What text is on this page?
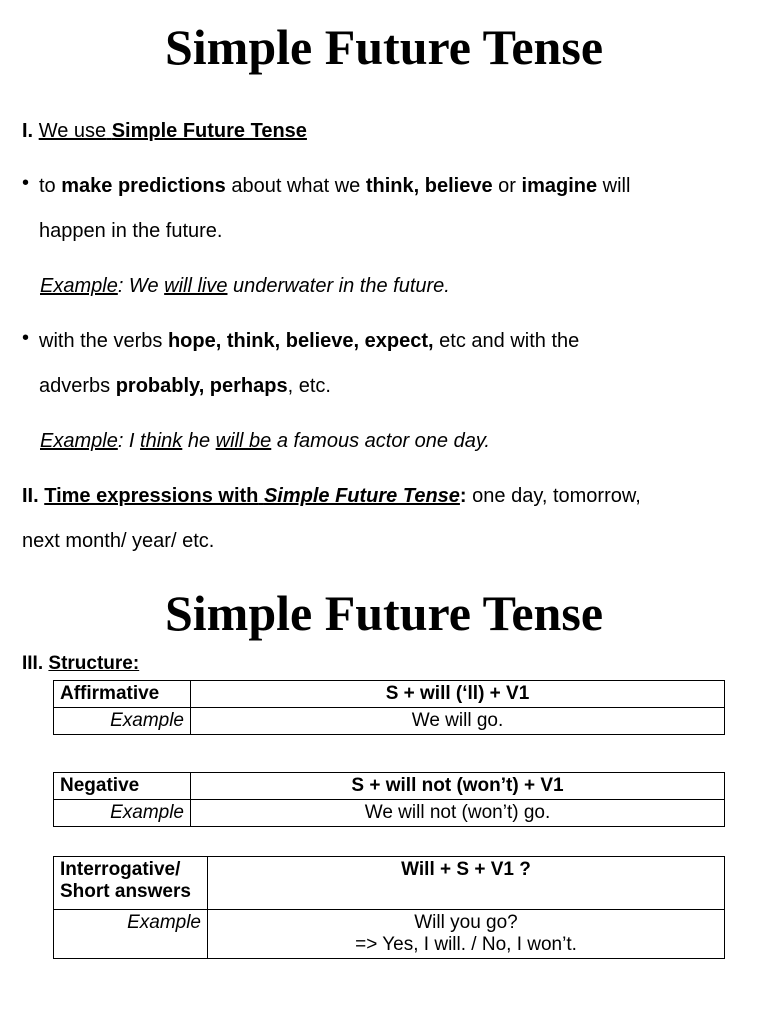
Simple Future Tense
I. We use Simple Future Tense
• to make predictions about what we think, believe or imagine will
happen in the future.
Example: We will live underwater in the future.
• with the verbs hope, think, believe, expect, etc and with the
adverbs probably, perhaps, etc.
Example: I think he will be a famous actor one day.
II. Time expressions with Simple Future Tense: one day, tomorrow,
next month/ year/ etc.
Simple Future Tense
III. Structure:
Affirmative	S + will (‘ll) + V1
Example	We will go.
Negative	S + will not (won’t) + V1
Example	We will not (won’t) go.
Interrogative/
Short answers	Will + S + V1 ?
Example	Will you go?
=> Yes, I will. / No, I won’t.
